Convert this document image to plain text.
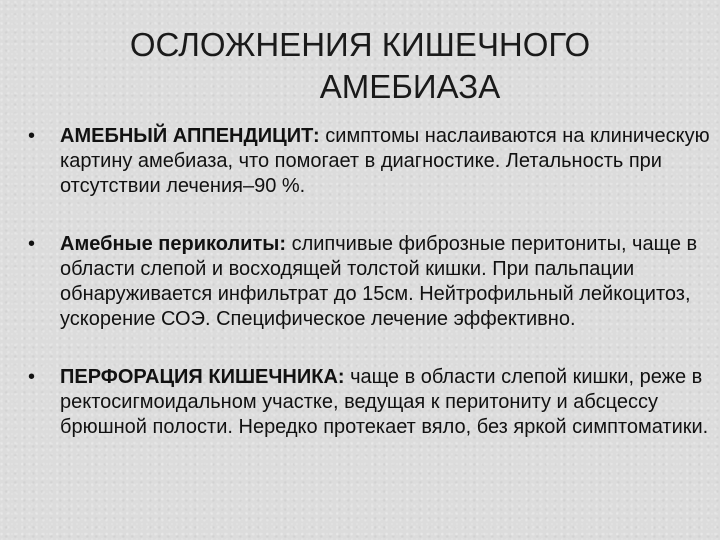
ОСЛОЖНЕНИЯ КИШЕЧНОГО
АМЕБИАЗА
• АМЕБНЫЙ АППЕНДИЦИТ: симптомы наслаиваются на клиническую картину амебиаза, что помогает в диагностике. Летальность при отсутствии лечения–90 %.
• Амебные периколиты: слипчивые фиброзные перитониты, чаще в области слепой и восходящей толстой кишки. При пальпации обнаруживается инфильтрат до 15см. Нейтрофильный лейкоцитоз, ускорение СОЭ. Специфическое лечение эффективно.
• ПЕРФОРАЦИЯ КИШЕЧНИКА: чаще в области слепой кишки, реже в ректосигмоидальном участке, ведущая к перитониту и абсцессу брюшной полости. Нередко протекает вяло, без яркой симптоматики.
